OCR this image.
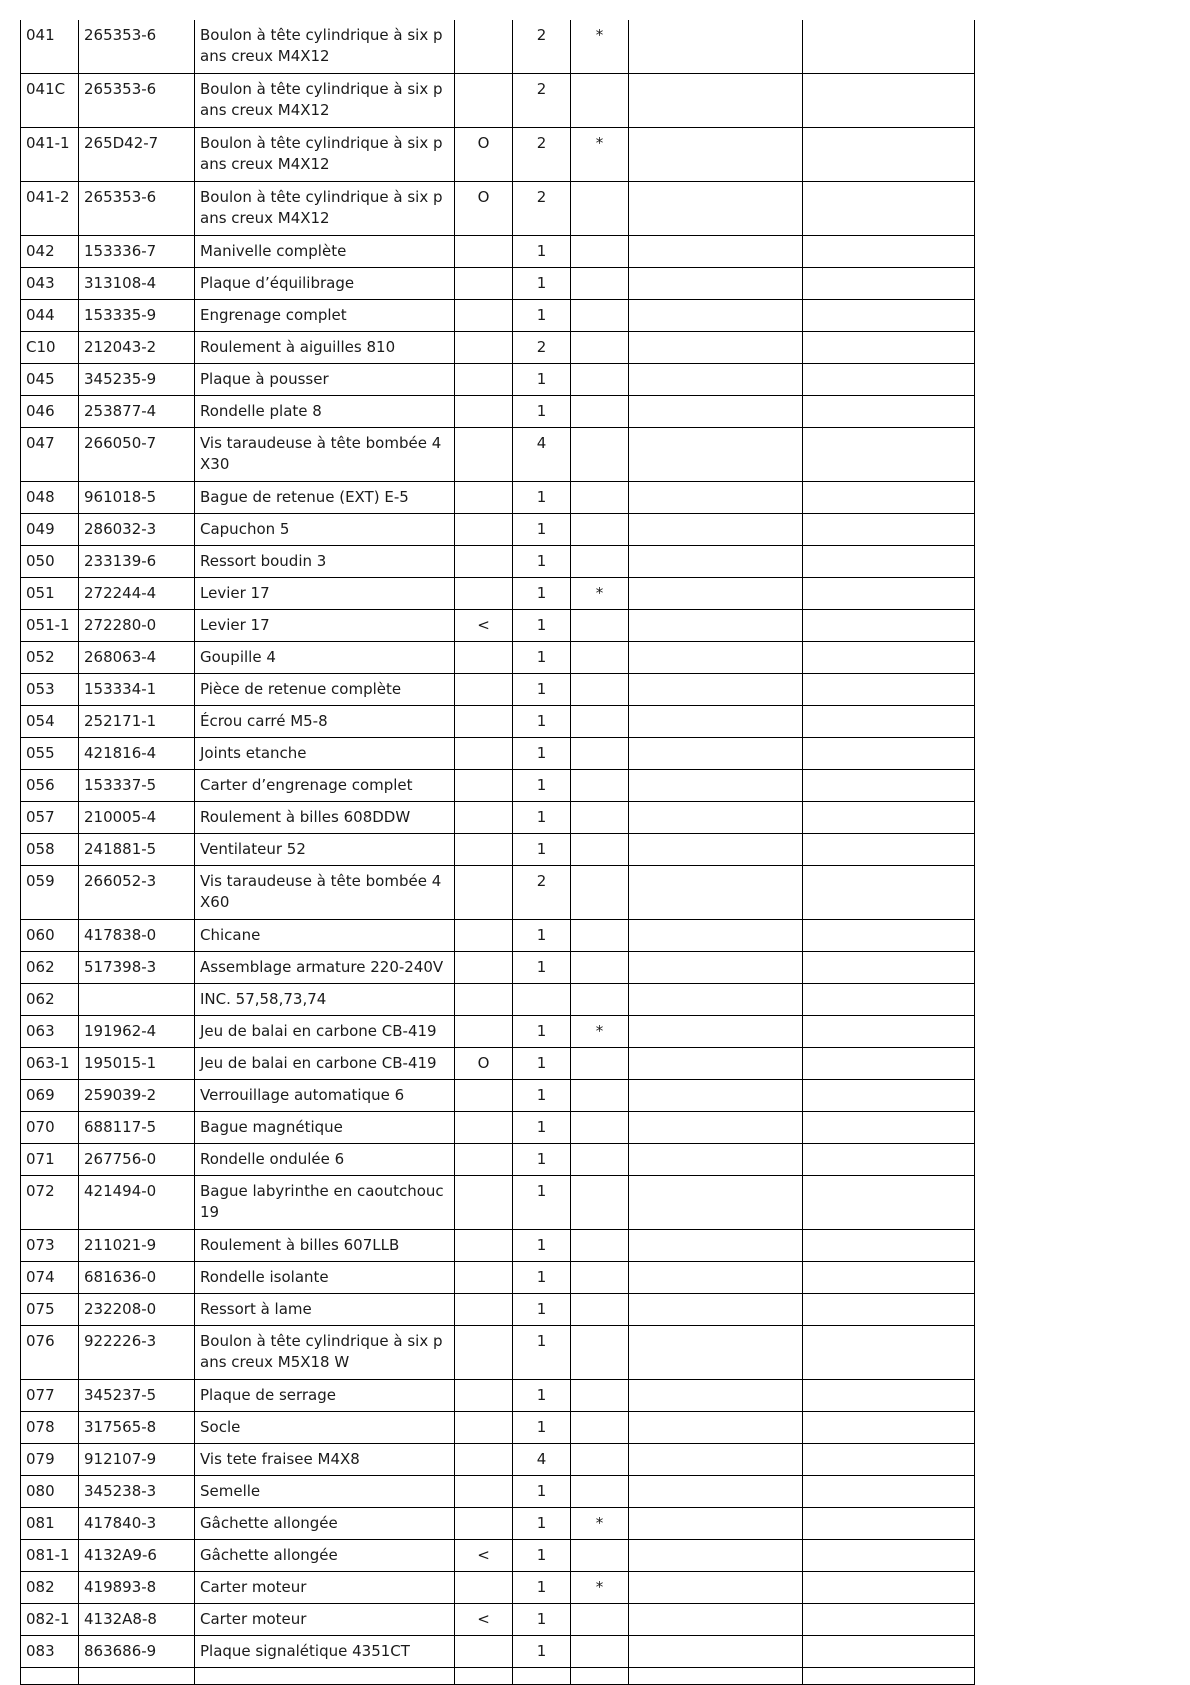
041	265353-6	Boulon à tête cylindrique à six pans creux M4X12		2	*		
041C	265353-6	Boulon à tête cylindrique à six pans creux M4X12		2			
041-1	265D42-7	Boulon à tête cylindrique à six pans creux M4X12	O	2	*		
041-2	265353-6	Boulon à tête cylindrique à six pans creux M4X12	O	2			
042	153336-7	Manivelle complète		1			
043	313108-4	Plaque d’équilibrage		1			
044	153335-9	Engrenage complet		1			
C10	212043-2	Roulement à aiguilles 810		2			
045	345235-9	Plaque à pousser		1			
046	253877-4	Rondelle plate 8		1			
047	266050-7	Vis taraudeuse à tête bombée 4X30		4			
048	961018-5	Bague de retenue (EXT) E-5		1			
049	286032-3	Capuchon 5		1			
050	233139-6	Ressort boudin 3		1			
051	272244-4	Levier 17		1	*		
051-1	272280-0	Levier 17	<	1			
052	268063-4	Goupille 4		1			
053	153334-1	Pièce de retenue complète		1			
054	252171-1	Écrou carré M5-8		1			
055	421816-4	Joints etanche		1			
056	153337-5	Carter d’engrenage complet		1			
057	210005-4	Roulement à billes 608DDW		1			
058	241881-5	Ventilateur 52		1			
059	266052-3	Vis taraudeuse à tête bombée 4X60		2			
060	417838-0	Chicane		1			
062	517398-3	Assemblage armature 220-240V		1			
062		INC. 57,58,73,74					
063	191962-4	Jeu de balai en carbone CB-419		1	*		
063-1	195015-1	Jeu de balai en carbone CB-419	O	1			
069	259039-2	Verrouillage automatique 6		1			
070	688117-5	Bague magnétique		1			
071	267756-0	Rondelle ondulée 6		1			
072	421494-0	Bague labyrinthe en caoutchouc 19		1			
073	211021-9	Roulement à billes 607LLB		1			
074	681636-0	Rondelle isolante		1			
075	232208-0	Ressort à lame		1			
076	922226-3	Boulon à tête cylindrique à six pans creux M5X18 W		1			
077	345237-5	Plaque de serrage		1			
078	317565-8	Socle		1			
079	912107-9	Vis tete fraisee M4X8		4			
080	345238-3	Semelle		1			
081	417840-3	Gâchette allongée		1	*		
081-1	4132A9-6	Gâchette allongée	<	1			
082	419893-8	Carter moteur		1	*		
082-1	4132A8-8	Carter moteur	<	1			
083	863686-9	Plaque signalétique 4351CT		1			
